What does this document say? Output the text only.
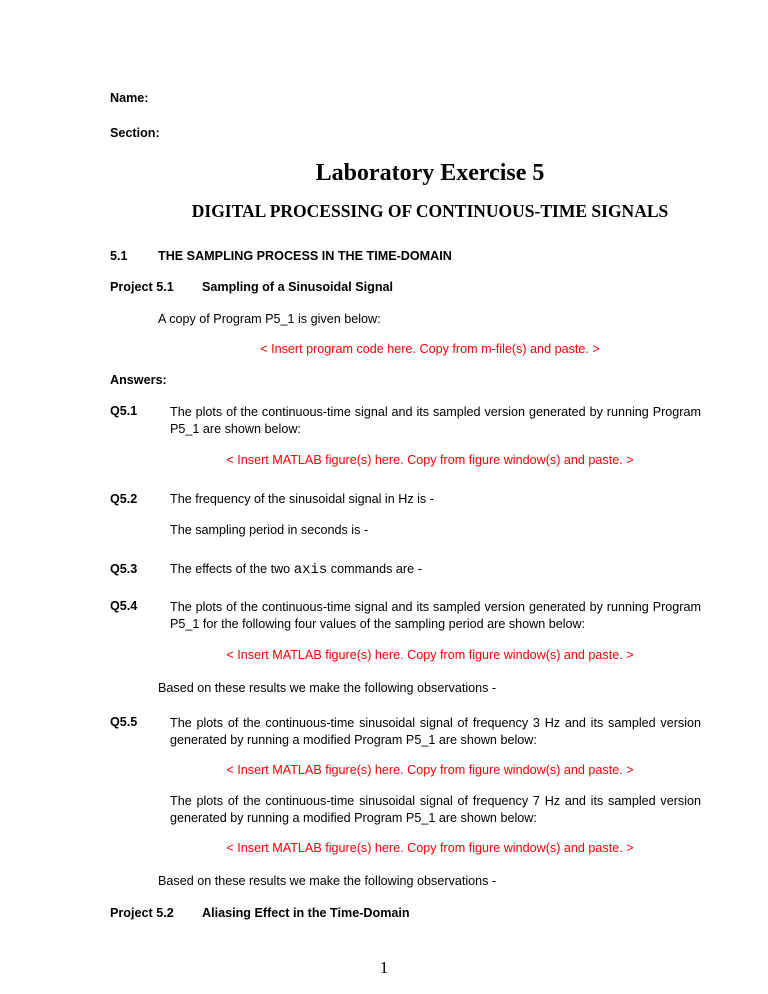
Name:
Section:
Laboratory Exercise 5
DIGITAL PROCESSING OF CONTINUOUS-TIME SIGNALS
5.1 THE SAMPLING PROCESS IN THE TIME-DOMAIN
Project 5.1 Sampling of a Sinusoidal Signal
A copy of Program P5_1 is given below:
< Insert program code here. Copy from m-file(s) and paste. >
Answers:
Q5.1	The plots of the continuous-time signal and its sampled version generated by running Program
P5_1 are shown below:
< Insert MATLAB figure(s) here. Copy from figure window(s) and paste. >
Q5.2	The frequency of the sinusoidal signal in Hz is -
The sampling period in seconds is -
Q5.3	The effects of the two axis commands are -
Q5.4	The plots of the continuous-time signal and its sampled version generated by running Program
P5_1 for the following four values of the sampling period are shown below:
< Insert MATLAB figure(s) here. Copy from figure window(s) and paste. >
Based on these results we make the following observations -
Q5.5	The plots of the continuous-time sinusoidal signal of frequency 3 Hz and its sampled version
generated by running a modified Program P5_1 are shown below:
< Insert MATLAB figure(s) here. Copy from figure window(s) and paste. >
The plots of the continuous-time sinusoidal signal of frequency 7 Hz and its sampled version
generated by running a modified Program P5_1 are shown below:
< Insert MATLAB figure(s) here. Copy from figure window(s) and paste. >
Based on these results we make the following observations -
Project 5.2 Aliasing Effect in the Time-Domain
1
